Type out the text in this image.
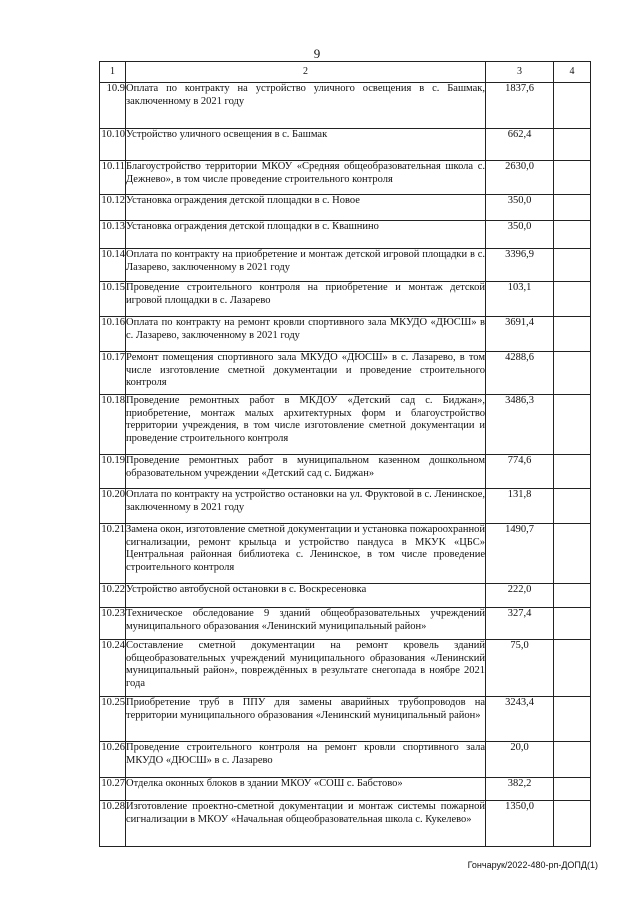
9
1	2	3	4
10.9	Оплата по контракту на устройство уличного освещения в с. Башмак, заключенному в 2021 году	1837,6	
10.10	Устройство уличного освещения в с. Башмак	662,4	
10.11	Благоустройство территории МКОУ «Средняя общеобразовательная школа с. Дежнево», в том числе проведение строительного контроля	2630,0	
10.12	Установка ограждения детской площадки в с. Новое	350,0	
10.13	Установка ограждения детской площадки в с. Квашнино	350,0	
10.14	Оплата по контракту на приобретение и монтаж детской игровой площадки в с. Лазарево, заключенному в 2021 году	3396,9	
10.15	Проведение строительного контроля на приобретение и монтаж детской игровой площадки в с. Лазарево	103,1	
10.16	Оплата по контракту на ремонт кровли спортивного зала МКУДО «ДЮСШ» в с. Лазарево, заключенному в 2021 году	3691,4	
10.17	Ремонт помещения спортивного зала МКУДО «ДЮСШ» в с. Лазарево, в том числе изготовление сметной документации и проведение строительного контроля	4288,6	
10.18	Проведение ремонтных работ в МКДОУ «Детский сад с. Биджан», приобретение, монтаж малых архитектурных форм и благоустройство территории учреждения, в том числе изготовление сметной документации и проведение строительного контроля	3486,3	
10.19	Проведение ремонтных работ в муниципальном казенном дошкольном образовательном учреждении «Детский сад с. Биджан»	774,6	
10.20	Оплата по контракту на устройство остановки на ул. Фруктовой в с. Ленинское, заключенному в 2021 году	131,8	
10.21	Замена окон, изготовление сметной документации и установка пожароохранной сигнализации, ремонт крыльца и устройство пандуса в МКУК «ЦБС» Центральная районная библиотека с. Ленинское, в том числе проведение строительного контроля	1490,7	
10.22	Устройство автобусной остановки в с. Воскресеновка	222,0	
10.23	Техническое обследование 9 зданий общеобразовательных учреждений муниципального образования «Ленинский муниципальный район»	327,4	
10.24	Составление сметной документации на ремонт кровель зданий общеобразовательных учреждений муниципального образования «Ленинский муниципальный район», повреждённых в результате снегопада в ноябре 2021 года	75,0	
10.25	Приобретение труб в ППУ для замены аварийных трубопроводов на территории муниципального образования «Ленинский муниципальный район»	3243,4	
10.26	Проведение строительного контроля на ремонт кровли спортивного зала МКУДО «ДЮСШ» в с. Лазарево	20,0	
10.27	Отделка оконных блоков в здании МКОУ «СОШ с. Бабстово»	382,2	
10.28	Изготовление проектно-сметной документации и монтаж системы пожарной сигнализации в МКОУ «Начальная общеобразовательная школа с. Кукелево»	1350,0	
Гончарук/2022-480-рп-ДОПД(1)
